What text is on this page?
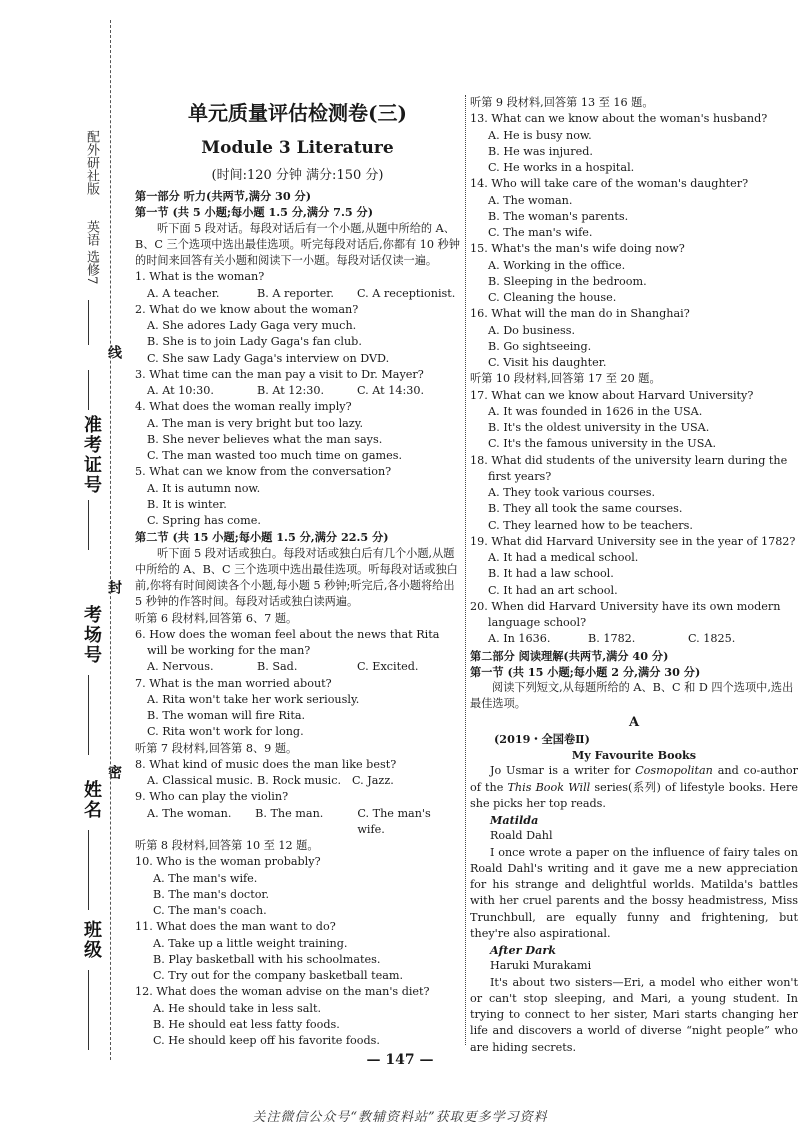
配外研社版
英语 选修7
线
准考证号
封
考场号
密
姓名
班级
单元质量评估检测卷(三)
Module 3 Literature
(时间:120 分钟 满分:150 分)
第一部分 听力(共两节,满分 30 分)
第一节 (共 5 小题;每小题 1.5 分,满分 7.5 分)
听下面 5 段对话。每段对话后有一个小题,从题中所给的 A、B、C 三个选项中选出最佳选项。听完每段对话后,你都有 10 秒钟的时间来回答有关小题和阅读下一小题。每段对话仅读一遍。
1. What is the woman?
A. A teacher.	B. A reporter.	C. A receptionist.
2. What do we know about the woman?
A. She adores Lady Gaga very much.
B. She is to join Lady Gaga's fan club.
C. She saw Lady Gaga's interview on DVD.
3. What time can the man pay a visit to Dr. Mayer?
A. At 10:30.	B. At 12:30.	C. At 14:30.
4. What does the woman really imply?
A. The man is very bright but too lazy.
B. She never believes what the man says.
C. The man wasted too much time on games.
5. What can we know from the conversation?
A. It is autumn now.
B. It is winter.
C. Spring has come.
第二节 (共 15 小题;每小题 1.5 分,满分 22.5 分)
听下面 5 段对话或独白。每段对话或独白后有几个小题,从题中所给的 A、B、C 三个选项中选出最佳选项。听每段对话或独白前,你将有时间阅读各个小题,每小题 5 秒钟;听完后,各小题将给出 5 秒钟的作答时间。每段对话或独白读两遍。
听第 6 段材料,回答第 6、7 题。
6. How does the woman feel about the news that Rita will be working for the man?
A. Nervous.	B. Sad.	C. Excited.
7. What is the man worried about?
A. Rita won't take her work seriously.
B. The woman will fire Rita.
C. Rita won't work for long.
听第 7 段材料,回答第 8、9 题。
8. What kind of music does the man like best?
A. Classical music. B. Rock music. C. Jazz.
9. Who can play the violin?
A. The woman.	B. The man.	C. The man's wife.
听第 8 段材料,回答第 10 至 12 题。
10. Who is the woman probably?
A. The man's wife.
B. The man's doctor.
C. The man's coach.
11. What does the man want to do?
A. Take up a little weight training.
B. Play basketball with his schoolmates.
C. Try out for the company basketball team.
12. What does the woman advise on the man's diet?
A. He should take in less salt.
B. He should eat less fatty foods.
C. He should keep off his favorite foods.
听第 9 段材料,回答第 13 至 16 题。
13. What can we know about the woman's husband?
A. He is busy now.
B. He was injured.
C. He works in a hospital.
14. Who will take care of the woman's daughter?
A. The woman.
B. The woman's parents.
C. The man's wife.
15. What's the man's wife doing now?
A. Working in the office.
B. Sleeping in the bedroom.
C. Cleaning the house.
16. What will the man do in Shanghai?
A. Do business.
B. Go sightseeing.
C. Visit his daughter.
听第 10 段材料,回答第 17 至 20 题。
17. What can we know about Harvard University?
A. It was founded in 1626 in the USA.
B. It's the oldest university in the USA.
C. It's the famous university in the USA.
18. What did students of the university learn during the first years?
A. They took various courses.
B. They all took the same courses.
C. They learned how to be teachers.
19. What did Harvard University see in the year of 1782?
A. It had a medical school.
B. It had a law school.
C. It had an art school.
20. When did Harvard University have its own modern language school?
A. In 1636.	B. 1782.	C. 1825.
第二部分 阅读理解(共两节,满分 40 分)
第一节 (共 15 小题;每小题 2 分,满分 30 分)
阅读下列短文,从每题所给的 A、B、C 和 D 四个选项中,选出最佳选项。
A
(2019・全国卷Ⅱ)
My Favourite Books
Jo Usmar is a writer for Cosmopolitan and co-author of the This Book Will series(系列) of lifestyle books. Here she picks her top reads.
Matilda
Roald Dahl
I once wrote a paper on the influence of fairy tales on Roald Dahl's writing and it gave me a new appreciation for his strange and delightful worlds. Matilda's battles with her cruel parents and the bossy headmistress, Miss Trunchbull, are equally funny and frightening, but they're also aspirational.
After Dark
Haruki Murakami
It's about two sisters—Eri, a model who either won't or can't stop sleeping, and Mari, a young student. In trying to connect to her sister, Mari starts changing her life and discovers a world of diverse “night people” who are hiding secrets.
— 147 —
关注微信公众号“教辅资料站”获取更多学习资料
